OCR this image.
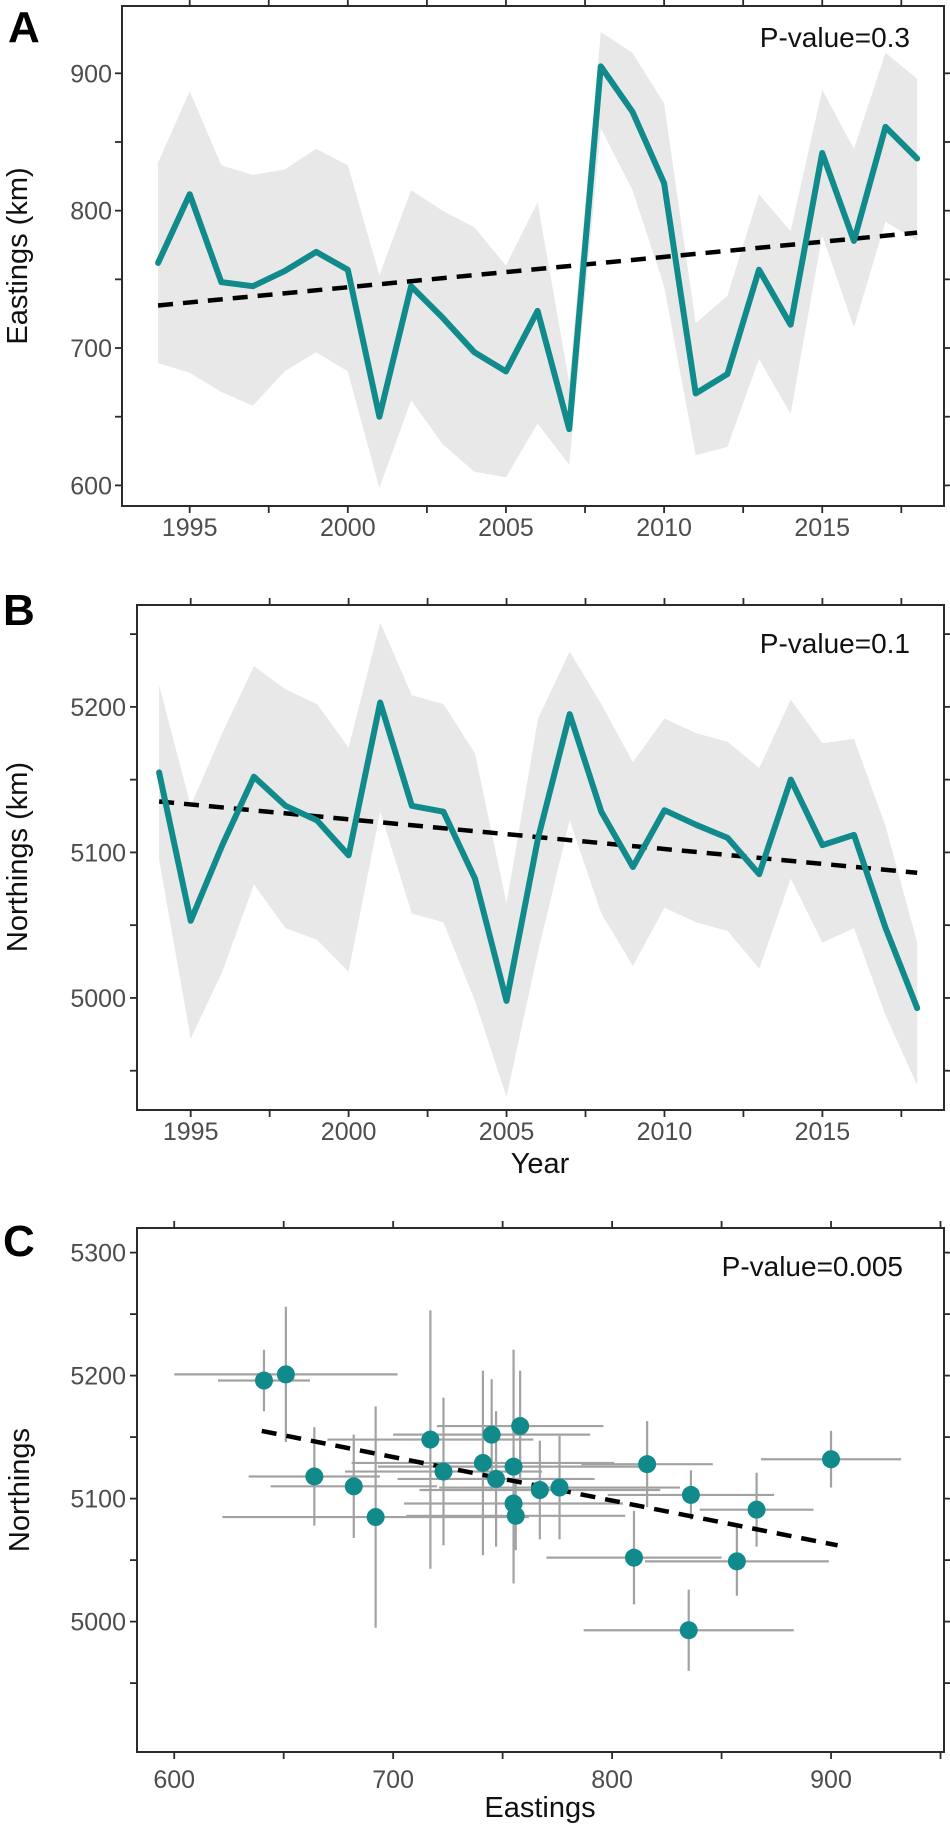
1995	2000	2005	2010	2015
600
700
800
900
A	P-value=0.3
Eastings (km)
1995	2000	2005	2010	2015
5000
5100
5200
B
P-value=0.1
Northings (km)
Year
600	700	800	900
5000
5100
5200
5300
C
P-value=0.005
Northings
Eastings
